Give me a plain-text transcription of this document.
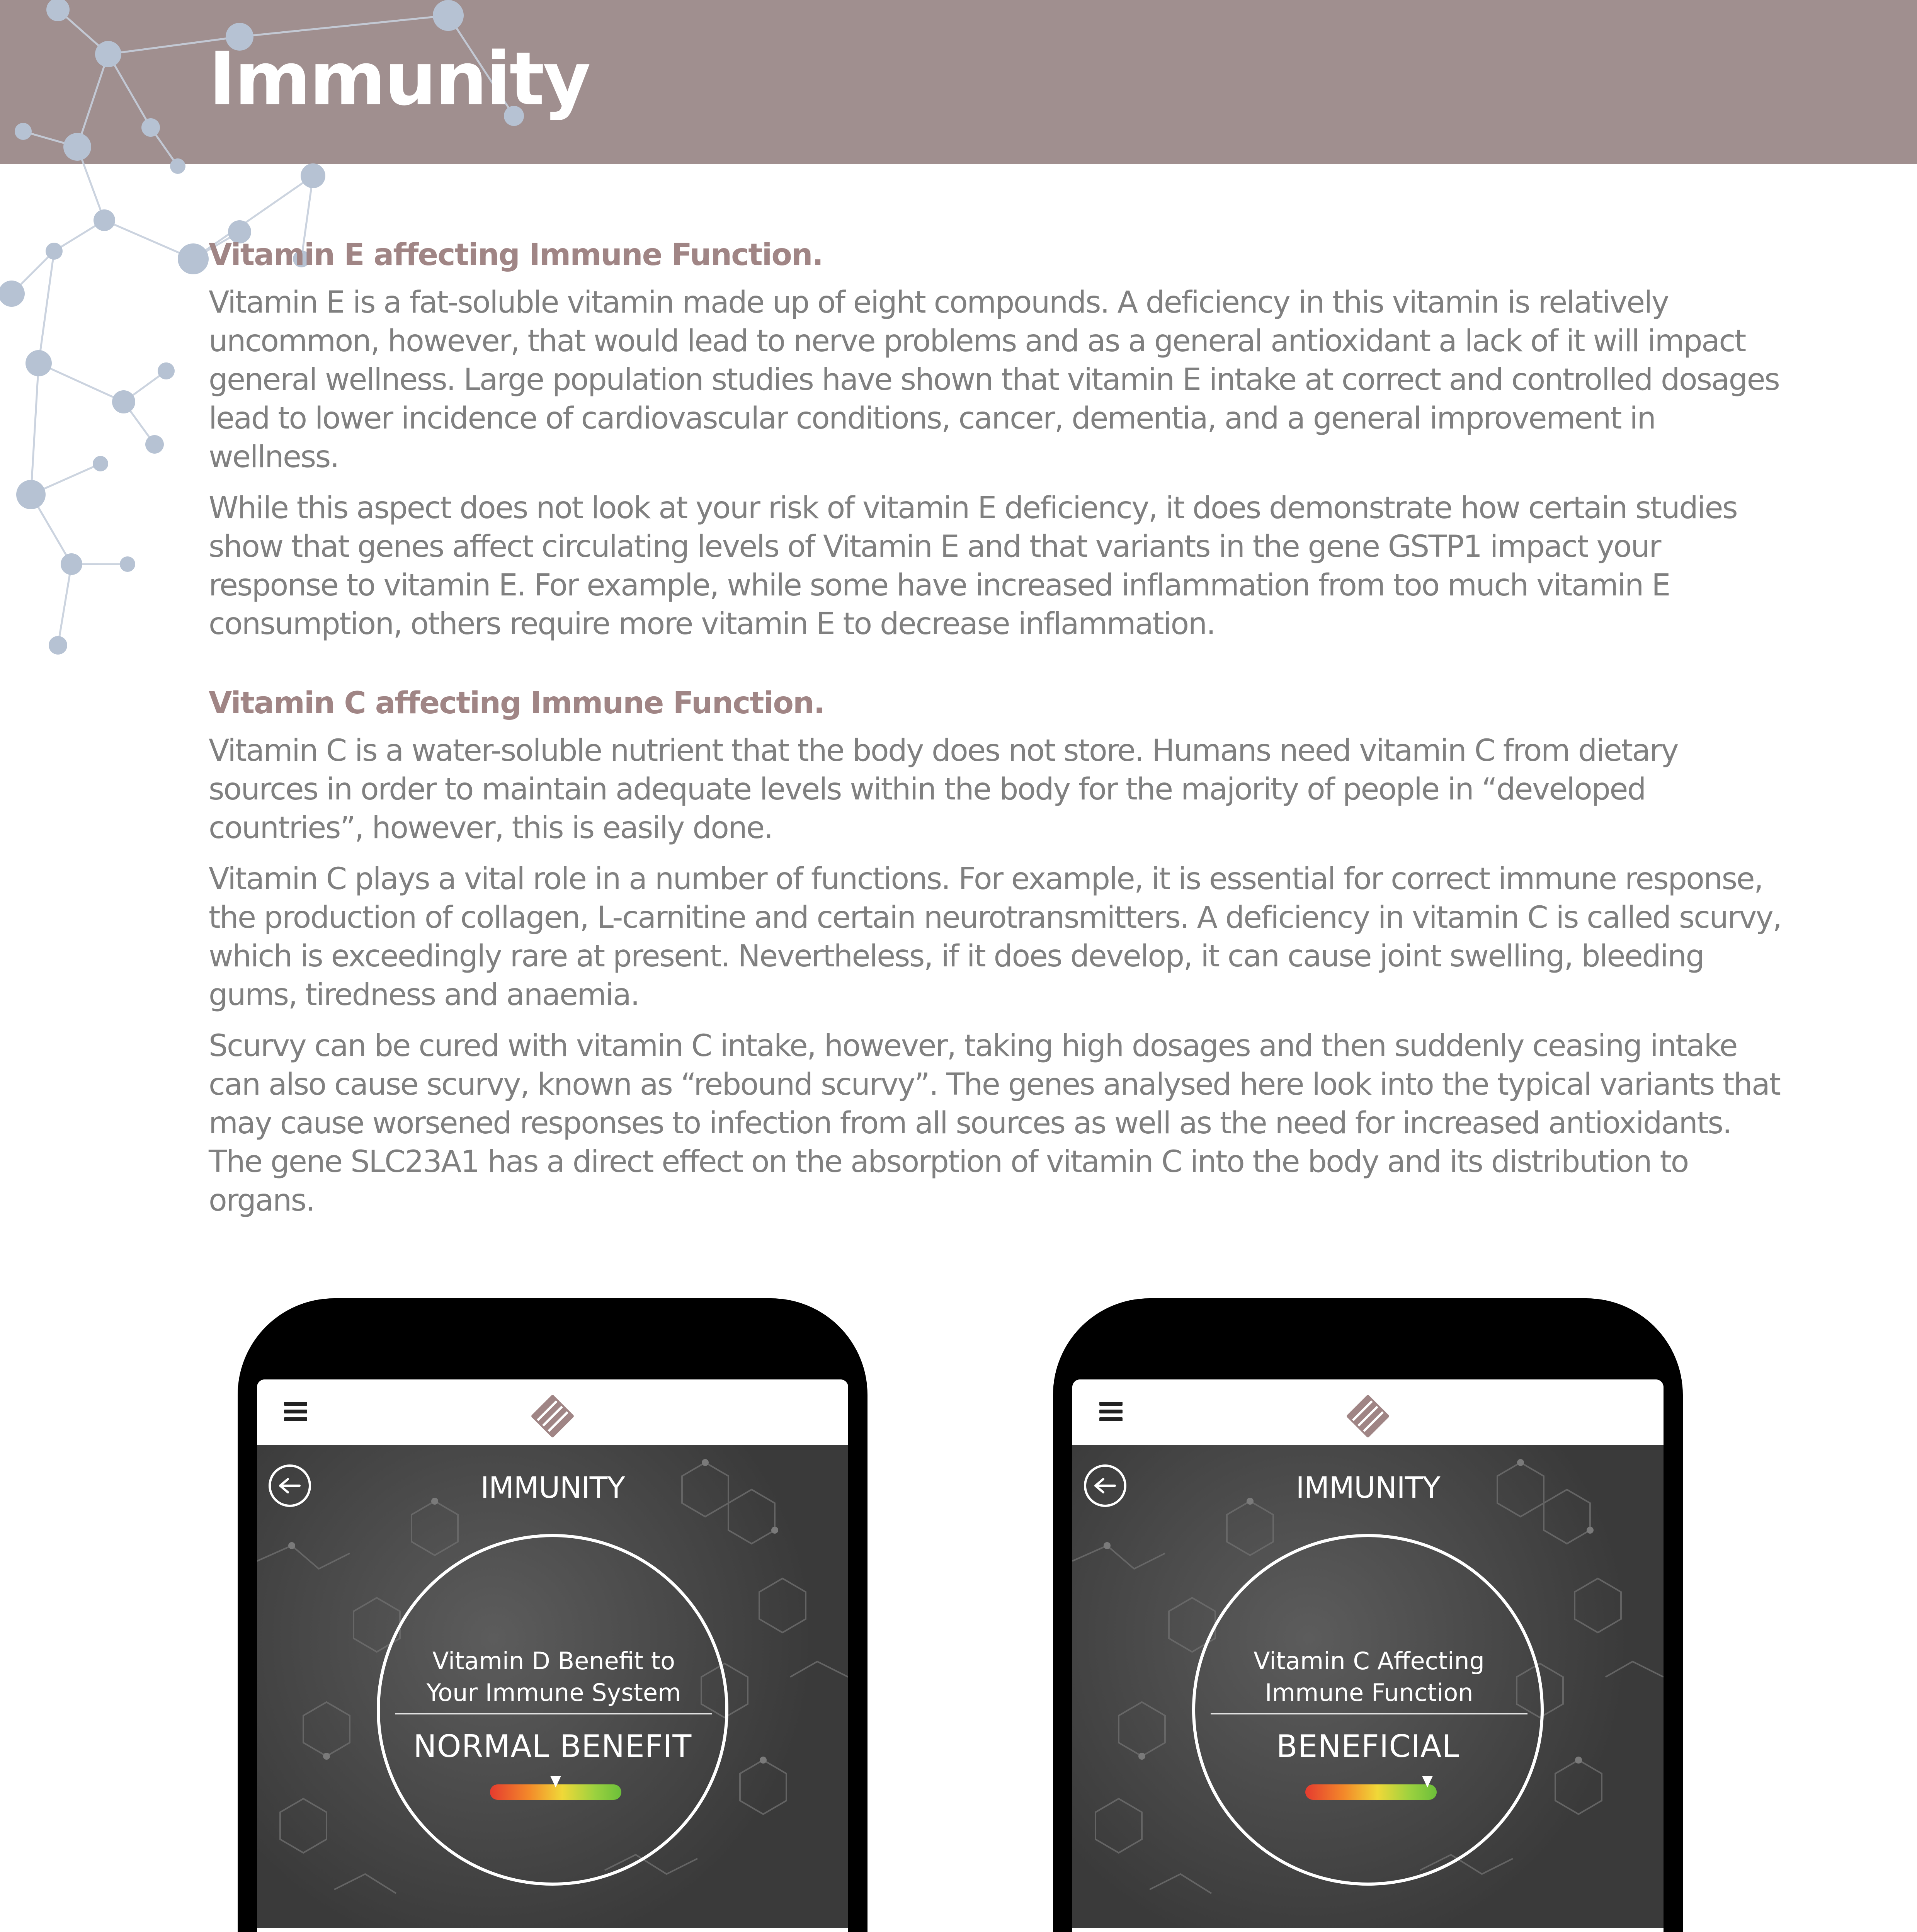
Immunity
Vitamin E affecting Immune Function.

Vitamin E is a fat-soluble vitamin made up of eight compounds. A deficiency in this vitamin is relatively uncommon, however, that would lead to nerve problems and as a general antioxidant a lack of it will impact general wellness. Large population studies have shown that vitamin E intake at correct and controlled dosages lead to lower incidence of cardiovascular conditions, cancer, dementia, and a general improvement in wellness.

While this aspect does not look at your risk of vitamin E deficiency, it does demonstrate how certain studies show that genes affect circulating levels of Vitamin E and that variants in the gene GSTP1 impact your response to vitamin E. For example, while some have increased inflammation from too much vitamin E consumption, others require more vitamin E to decrease inflammation.

Vitamin C affecting Immune Function.

Vitamin C is a water-soluble nutrient that the body does not store. Humans need vitamin C from dietary sources in order to maintain adequate levels within the body for the majority of people in “developed countries”, however, this is easily done.

Vitamin C plays a vital role in a number of functions. For example, it is essential for correct immune response, the production of collagen, L-carnitine and certain neurotransmitters. A deficiency in vitamin C is called scurvy, which is exceedingly rare at present. Nevertheless, if it does develop, it can cause joint swelling, bleeding gums, tiredness and anaemia.

Scurvy can be cured with vitamin C intake, however, taking high dosages and then suddenly ceasing intake can also cause scurvy, known as “rebound scurvy”. The genes analysed here look into the typical variants that may cause worsened responses to infection from all sources as well as the need for increased antioxidants. The gene SLC23A1 has a direct effect on the absorption of vitamin C into the body and its distribution to organs.

IMMUNITY
Vitamin D Benefit to Your Immune System
NORMAL BENEFIT

IMMUNITY
Vitamin C Affecting Immune Function
BENEFICIAL
